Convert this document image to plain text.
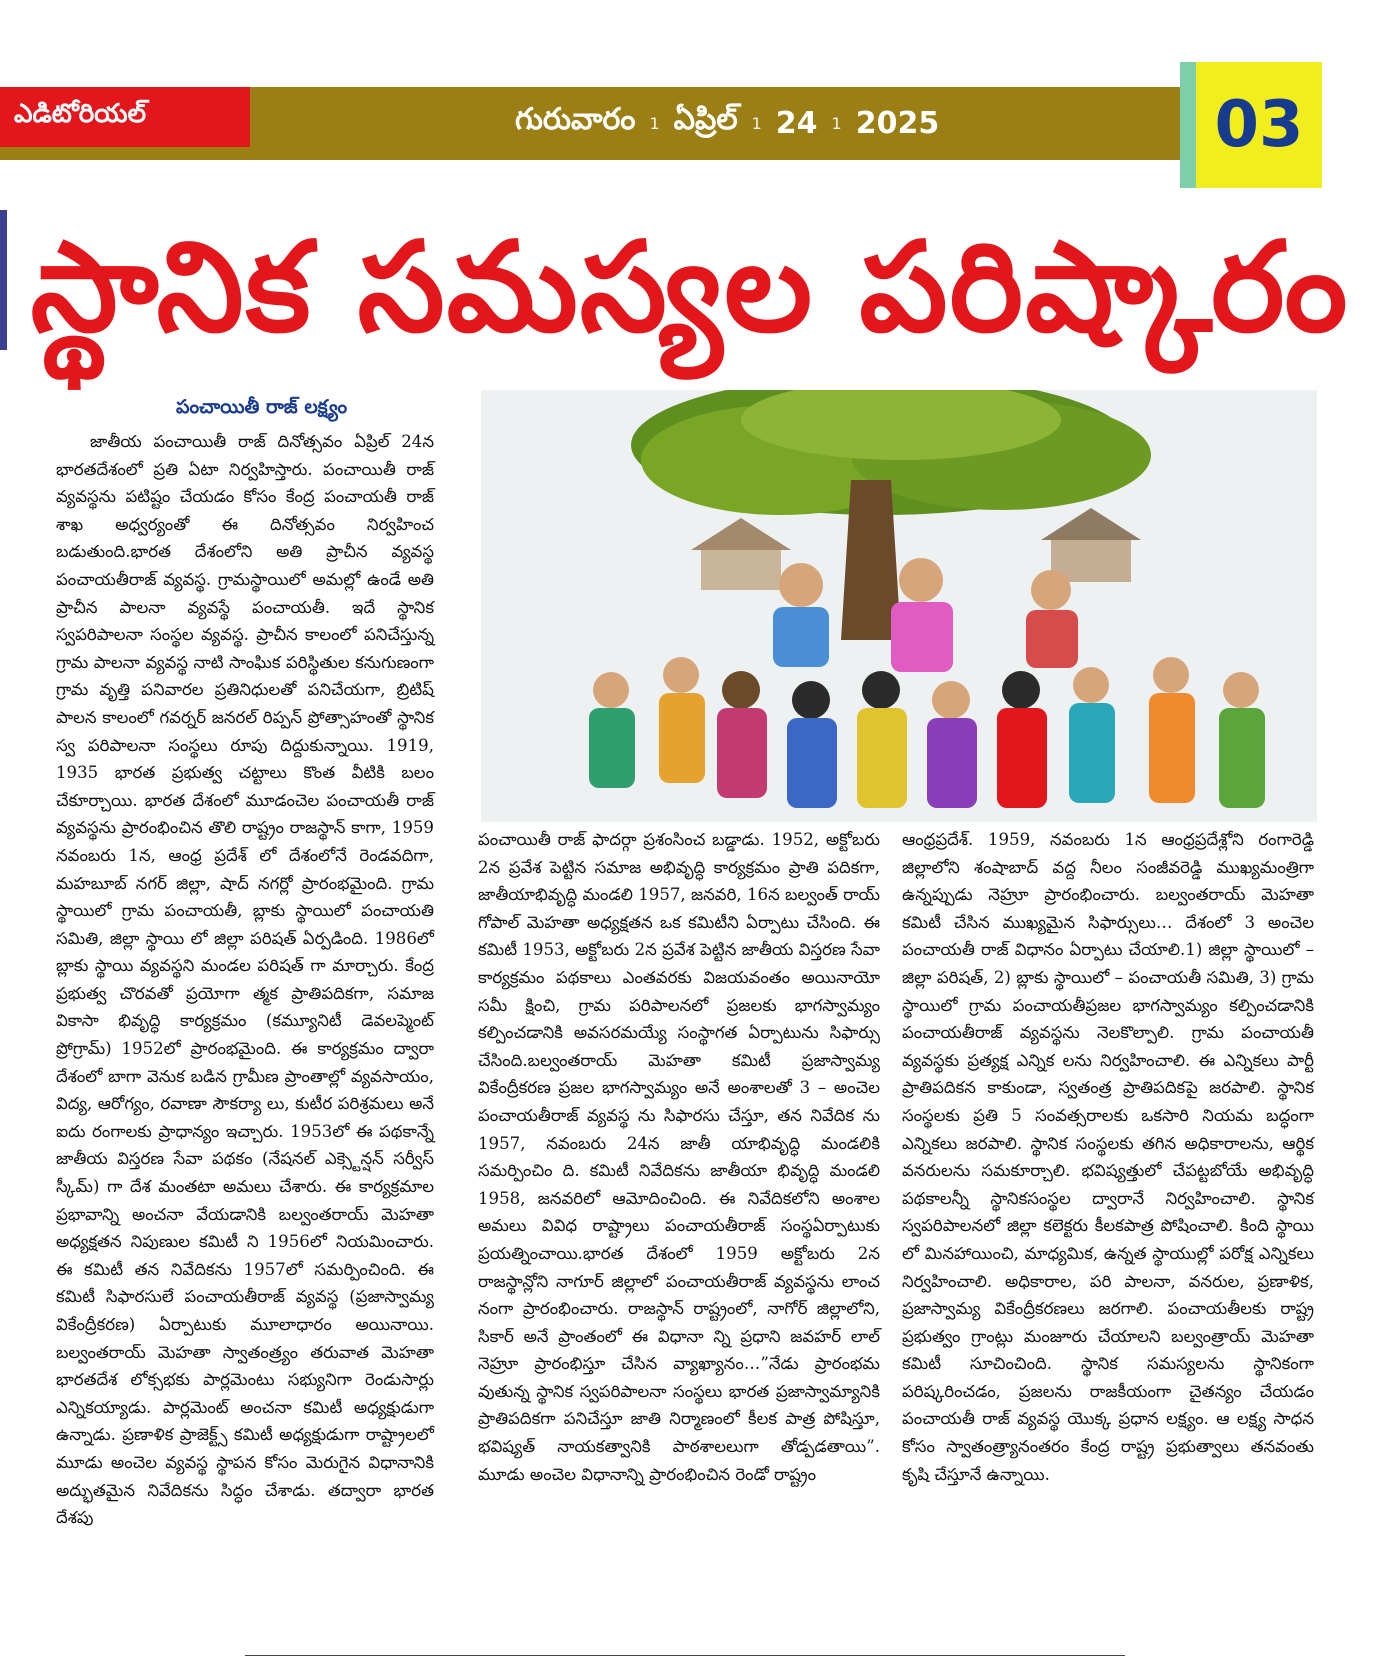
ఎడిటోరియల్	గురువారం 1 ఏప్రిల్ 1 24 1 2025	03
స్థానిక సమస్యల పరిష్కారం
పంచాయితీ రాజ్ లక్ష్యం
జాతీయ పంచాయితీ రాజ్ దినోత్సవం ఏప్రిల్ 24న భారతదేశంలో ప్రతి ఏటా నిర్వహిస్తారు. పంచాయితీ రాజ్ వ్యవస్థను పటిష్టం చేయడం కోసం కేంద్ర పంచాయతీ రాజ్ శాఖ అధ్వర్యంతో ఈ దినోత్సవం నిర్వహించ బడుతుంది.భారత దేశంలోని అతి ప్రాచీన వ్యవస్థ పంచాయతీరాజ్ వ్యవస్థ. గ్రామస్థాయిలో అమల్లో ఉండే అతి ప్రాచీన పాలనా వ్యవస్థే పంచాయతీ. ఇదే స్థానిక స్వపరిపాలనా సంస్థల వ్యవస్థ. ప్రాచీన కాలంలో పనిచేస్తున్న గ్రామ పాలనా వ్యవస్థ నాటి సాంఘిక పరిస్థితుల కనుగుణంగా గ్రామ వృత్తి పనివారల ప్రతినిధులతో పనిచేయగా, బ్రిటిష్ పాలన కాలంలో గవర్నర్ జనరల్ రిప్పన్ ప్రోత్సాహంతో స్థానిక స్వ పరిపాలనా సంస్థలు రూపు దిద్దుకున్నాయి. 1919, 1935 భారత ప్రభుత్వ చట్టాలు కొంత వీటికి బలం చేకూర్చాయి. భారత దేశంలో మూడంచెల పంచాయతీ రాజ్ వ్యవస్థను ప్రారంభించిన తొలి రాష్ట్రం రాజస్థాన్ కాగా, 1959 నవంబరు 1న, ఆంధ్ర ప్రదేశ్ లో దేశంలోనే రెండవదిగా, మహబూబ్ నగర్ జిల్లా, షాద్ నగర్లో ప్రారంభమైంది. గ్రామ స్థాయిలో గ్రామ పంచాయతీ, బ్లాకు స్థాయిలో పంచాయతి సమితి, జిల్లా స్థాయి లో జిల్లా పరిషత్ ఏర్పడింది. 1986లో బ్లాకు స్థాయి వ్యవస్థని మండల పరిషత్ గా మార్చారు. కేంద్ర ప్రభుత్వ చొరవతో ప్రయోగా త్మక ప్రాతిపదికగా, సమాజ వికాసా భివృద్ధి కార్యక్రమం (కమ్యూనిటీ డెవలప్మెంట్ ప్రోగ్రామ్) 1952లో ప్రారంభమైంది. ఈ కార్యక్రమం ద్వారా దేశంలో బాగా వెనుక బడిన గ్రామీణ ప్రాంతాల్లో వ్యవసాయం, విద్య, ఆరోగ్యం, రవాణా సౌకర్యా లు, కుటీర పరిశ్రమలు అనే ఐదు రంగాలకు ప్రాధాన్యం ఇచ్చారు. 1953లో ఈ పథకాన్నే జాతీయ విస్తరణ సేవా పథకం (నేషనల్ ఎక్స్టెన్షన్ సర్వీస్ స్కీమ్) గా దేశ మంతటా అమలు చేశారు. ఈ కార్యక్రమాల ప్రభావాన్ని అంచనా వేయడానికి బల్వంతరాయ్ మెహతా అధ్యక్షతన నిపుణుల కమిటీ ని 1956లో నియమించారు. ఈ కమిటీ తన నివేదికను 1957లో సమర్పించింది. ఈ కమిటీ సిఫారసులే పంచాయతీరాజ్ వ్యవస్థ (ప్రజాస్వామ్య వికేంద్రీకరణ) ఏర్పాటుకు మూలాధారం అయినాయి. బల్వంతరాయ్ మెహతా స్వాతంత్ర్యం తరువాత మెహతా భారతదేశ లోక్సభకు పార్లమెంటు సభ్యునిగా రెండుసార్లు ఎన్నికయ్యాడు. పార్లమెంట్ అంచనా కమిటీ అధ్యక్షుడుగా ఉన్నాడు. ప్రణాళిక ప్రాజెక్ట్స్ కమిటీ అధ్యక్షుడుగా రాష్ట్రాలలో మూడు అంచెల వ్యవస్థ స్థాపన కోసం మెరుగైన విధానానికి అద్భుతమైన నివేదికను సిద్ధం చేశాడు. తద్వారా భారత దేశపు
పంచాయితీ రాజ్ ఫాదర్గా ప్రశంసించ బడ్డాడు. 1952, అక్టోబరు 2న ప్రవేశ పెట్టిన సమాజ అభివృద్ధి కార్యక్రమం ప్రాతి పదికగా, జాతీయాభివృద్ధి మండలి 1957, జనవరి, 16న బల్వంత్ రాయ్ గోపాల్ మెహతా అధ్యక్షతన ఒక కమిటీని ఏర్పాటు చేసింది. ఈ కమిటీ 1953, అక్టోబరు 2న ప్రవేశ పెట్టిన జాతీయ విస్తరణ సేవా కార్యక్రమం పథకాలు ఎంతవరకు విజయవంతం అయినాయో సమీ క్షించి, గ్రామ పరిపాలనలో ప్రజలకు భాగస్వామ్యం కల్పించడానికి అవసరమయ్యే సంస్థాగత ఏర్పాటును సిఫార్సు చేసింది.బల్వంతరాయ్ మెహతా కమిటీ ప్రజాస్వామ్య వికేంద్రీకరణ ప్రజల భాగస్వామ్యం అనే అంశాలతో 3 – అంచెల పంచాయతీరాజ్ వ్యవస్థ ను సిఫారసు చేస్తూ, తన నివేదిక ను 1957, నవంబరు 24న జాతీ యాభివృద్ధి మండలికి సమర్పించిం ది. కమిటీ నివేదికను జాతీయా భివృద్ధి మండలి 1958, జనవరిలో ఆమోదించింది. ఈ నివేదికలోని అంశాల అమలు వివిధ రాష్ట్రాలు పంచాయతీరాజ్ సంస్థఏర్పాటుకు ప్రయత్నించాయి.భారత దేశంలో 1959 అక్టోబరు 2న రాజస్థాన్లోని నాగూర్ జిల్లాలో పంచాయతీరాజ్ వ్యవస్థను లాంచ నంగా ప్రారంభించారు. రాజస్థాన్ రాష్ట్రంలో, నాగోర్ జిల్లాలోని, సికార్ అనే ప్రాంతంలో ఈ విధానా న్ని ప్రధాని జవహర్ లాల్ నెహ్రూ ప్రారంభిస్తూ చేసిన వ్యాఖ్యానం…”నేడు ప్రారంభమ వుతున్న స్థానిక స్వపరిపాలనా సంస్థలు భారత ప్రజాస్వామ్యానికి ప్రాతిపదికగా పనిచేస్తూ జాతి నిర్మాణంలో కీలక పాత్ర పోషిస్తూ, భవిష్యత్ నాయకత్వానికి పాఠశాలలుగా తోడ్పడతాయి”. మూడు అంచెల విధానాన్ని ప్రారంభించిన రెండో రాష్ట్రం
ఆంధ్రప్రదేశ్. 1959, నవంబరు 1న ఆంధ్రప్రదేశ్లోని రంగారెడ్డి జిల్లాలోని శంషాబాద్ వద్ద నీలం సంజీవరెడ్డి ముఖ్యమంత్రిగా ఉన్నప్పుడు నెహ్రూ ప్రారంభించారు. బల్వంతరాయ్ మెహతా కమిటీ చేసిన ముఖ్యమైన సిఫార్సులు… దేశంలో 3 అంచెల పంచాయతీ రాజ్ విధానం ఏర్పాటు చేయాలి.1) జిల్లా స్థాయిలో – జిల్లా పరిషత్, 2) బ్లాకు స్థాయిలో – పంచాయతీ సమితి, 3) గ్రామ స్థాయిలో గ్రామ పంచాయతీప్రజల భాగస్వామ్యం కల్పించడానికి పంచాయతీరాజ్ వ్యవస్థను నెలకొల్పాలి. గ్రామ పంచాయతీ వ్యవస్థకు ప్రత్యక్ష ఎన్నిక లను నిర్వహించాలి. ఈ ఎన్నికలు పార్టీ ప్రాతిపదికన కాకుండా, స్వతంత్ర ప్రాతిపదికపై జరపాలి. స్థానిక సంస్థలకు ప్రతి 5 సంవత్సరాలకు ఒకసారి నియమ బద్ధంగా ఎన్నికలు జరపాలి. స్థానిక సంస్థలకు తగిన అధికారాలను, ఆర్థిక వనరులను సమకూర్చాలి. భవిష్యత్తులో చేపట్టబోయే అభివృద్ధి పథకాలన్నీ స్థానికసంస్థల ద్వారానే నిర్వహించాలి. స్థానిక స్వపరిపాలనలో జిల్లా కలెక్టరు కీలకపాత్ర పోషించాలి. కింది స్థాయి లో మినహాయించి, మాధ్యమిక, ఉన్నత స్థాయుల్లో పరోక్ష ఎన్నికలు నిర్వహించాలి. అధికారాల, పరి పాలనా, వనరుల, ప్రణాళిక, ప్రజాస్వామ్య వికేంద్రీకరణలు జరగాలి. పంచాయతీలకు రాష్ట్ర ప్రభుత్వం గ్రాంట్లు మంజూరు చేయాలని బల్వంత్రాయ్ మెహతా కమిటీ సూచించింది. స్థానిక సమస్యలను స్థానికంగా పరిష్కరించడం, ప్రజలను రాజకీయంగా చైతన్యం చేయడం పంచాయతీ రాజ్ వ్యవస్థ యొక్క ప్రధాన లక్ష్యం. ఆ లక్ష్య సాధన కోసం స్వాతంత్ర్యానంతరం కేంద్ర రాష్ట్ర ప్రభుత్వాలు తనవంతు కృషి చేస్తూనే ఉన్నాయి.
